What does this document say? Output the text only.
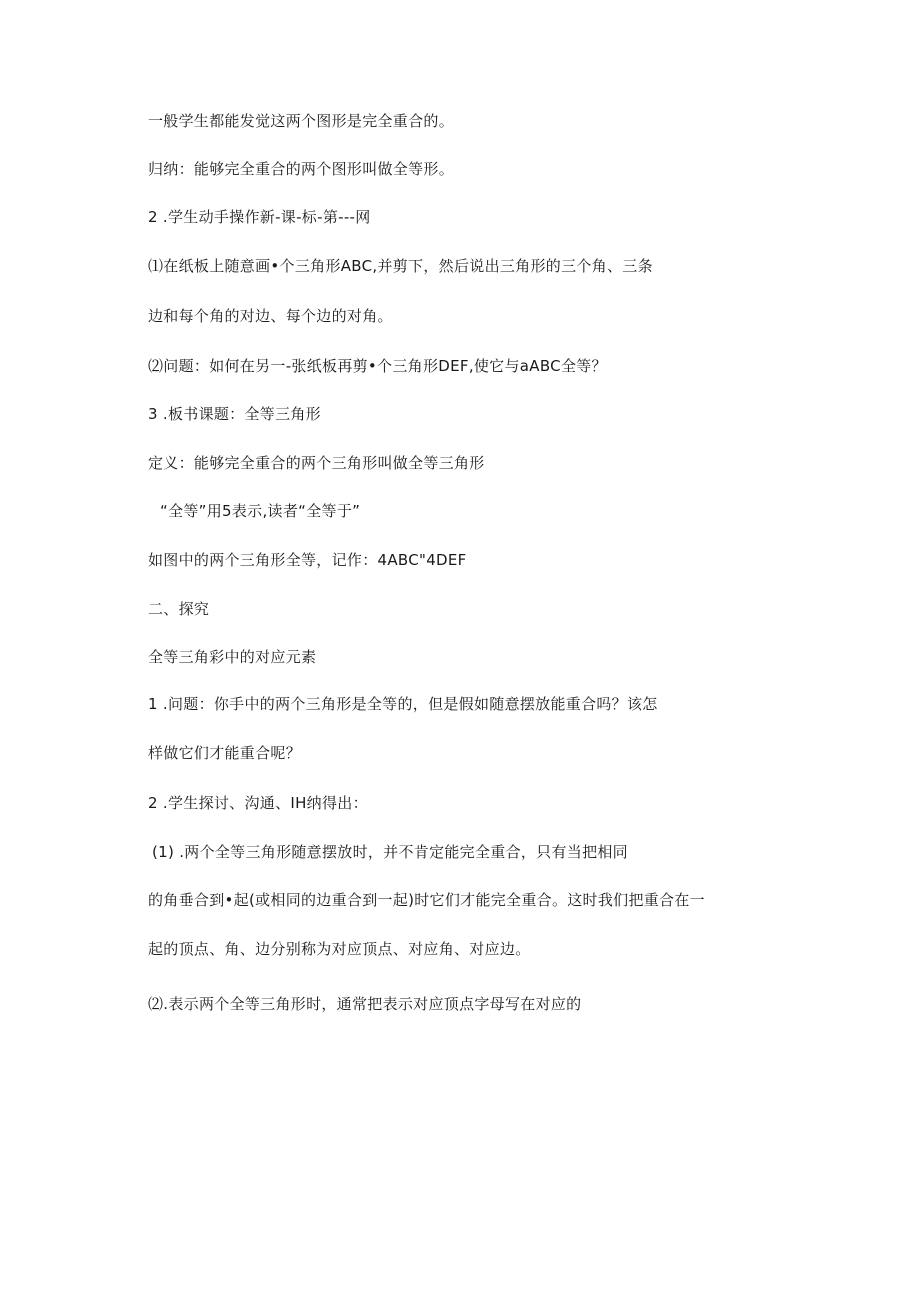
一般学生都能发觉这两个图形是完全重合的。
归纳：能够完全重合的两个图形叫做全等形。
2 .学生动手操作新-课-标-第---网
⑴在纸板上随意画•个三角形ABC,并剪下，然后说出三角形的三个角、三条
边和每个角的对边、每个边的对角。
⑵问题：如何在另一-张纸板再剪•个三角形DEF,使它与aABC全等？
3 .板书课题：全等三角形
定义：能够完全重合的两个三角形叫做全等三角形
“全等”用5表示,读者“全等于”
如图中的两个三角形全等，记作：4ABC"4DEF
二、探究
全等三角彩中的对应元素
1 .问题：你手中的两个三角形是全等的，但是假如随意摆放能重合吗？该怎
样做它们才能重合呢？
2 .学生探讨、沟通、IH纳得出：
(1) .两个全等三角形随意摆放时，并不肯定能完全重合，只有当把相同
的角垂合到•起(或相同的边重合到一起)时它们才能完全重合。这时我们把重合在一
起的顶点、角、边分别称为对应顶点、对应角、对应边。
⑵.表示两个全等三角形时，通常把表示对应顶点字母写在对应的
